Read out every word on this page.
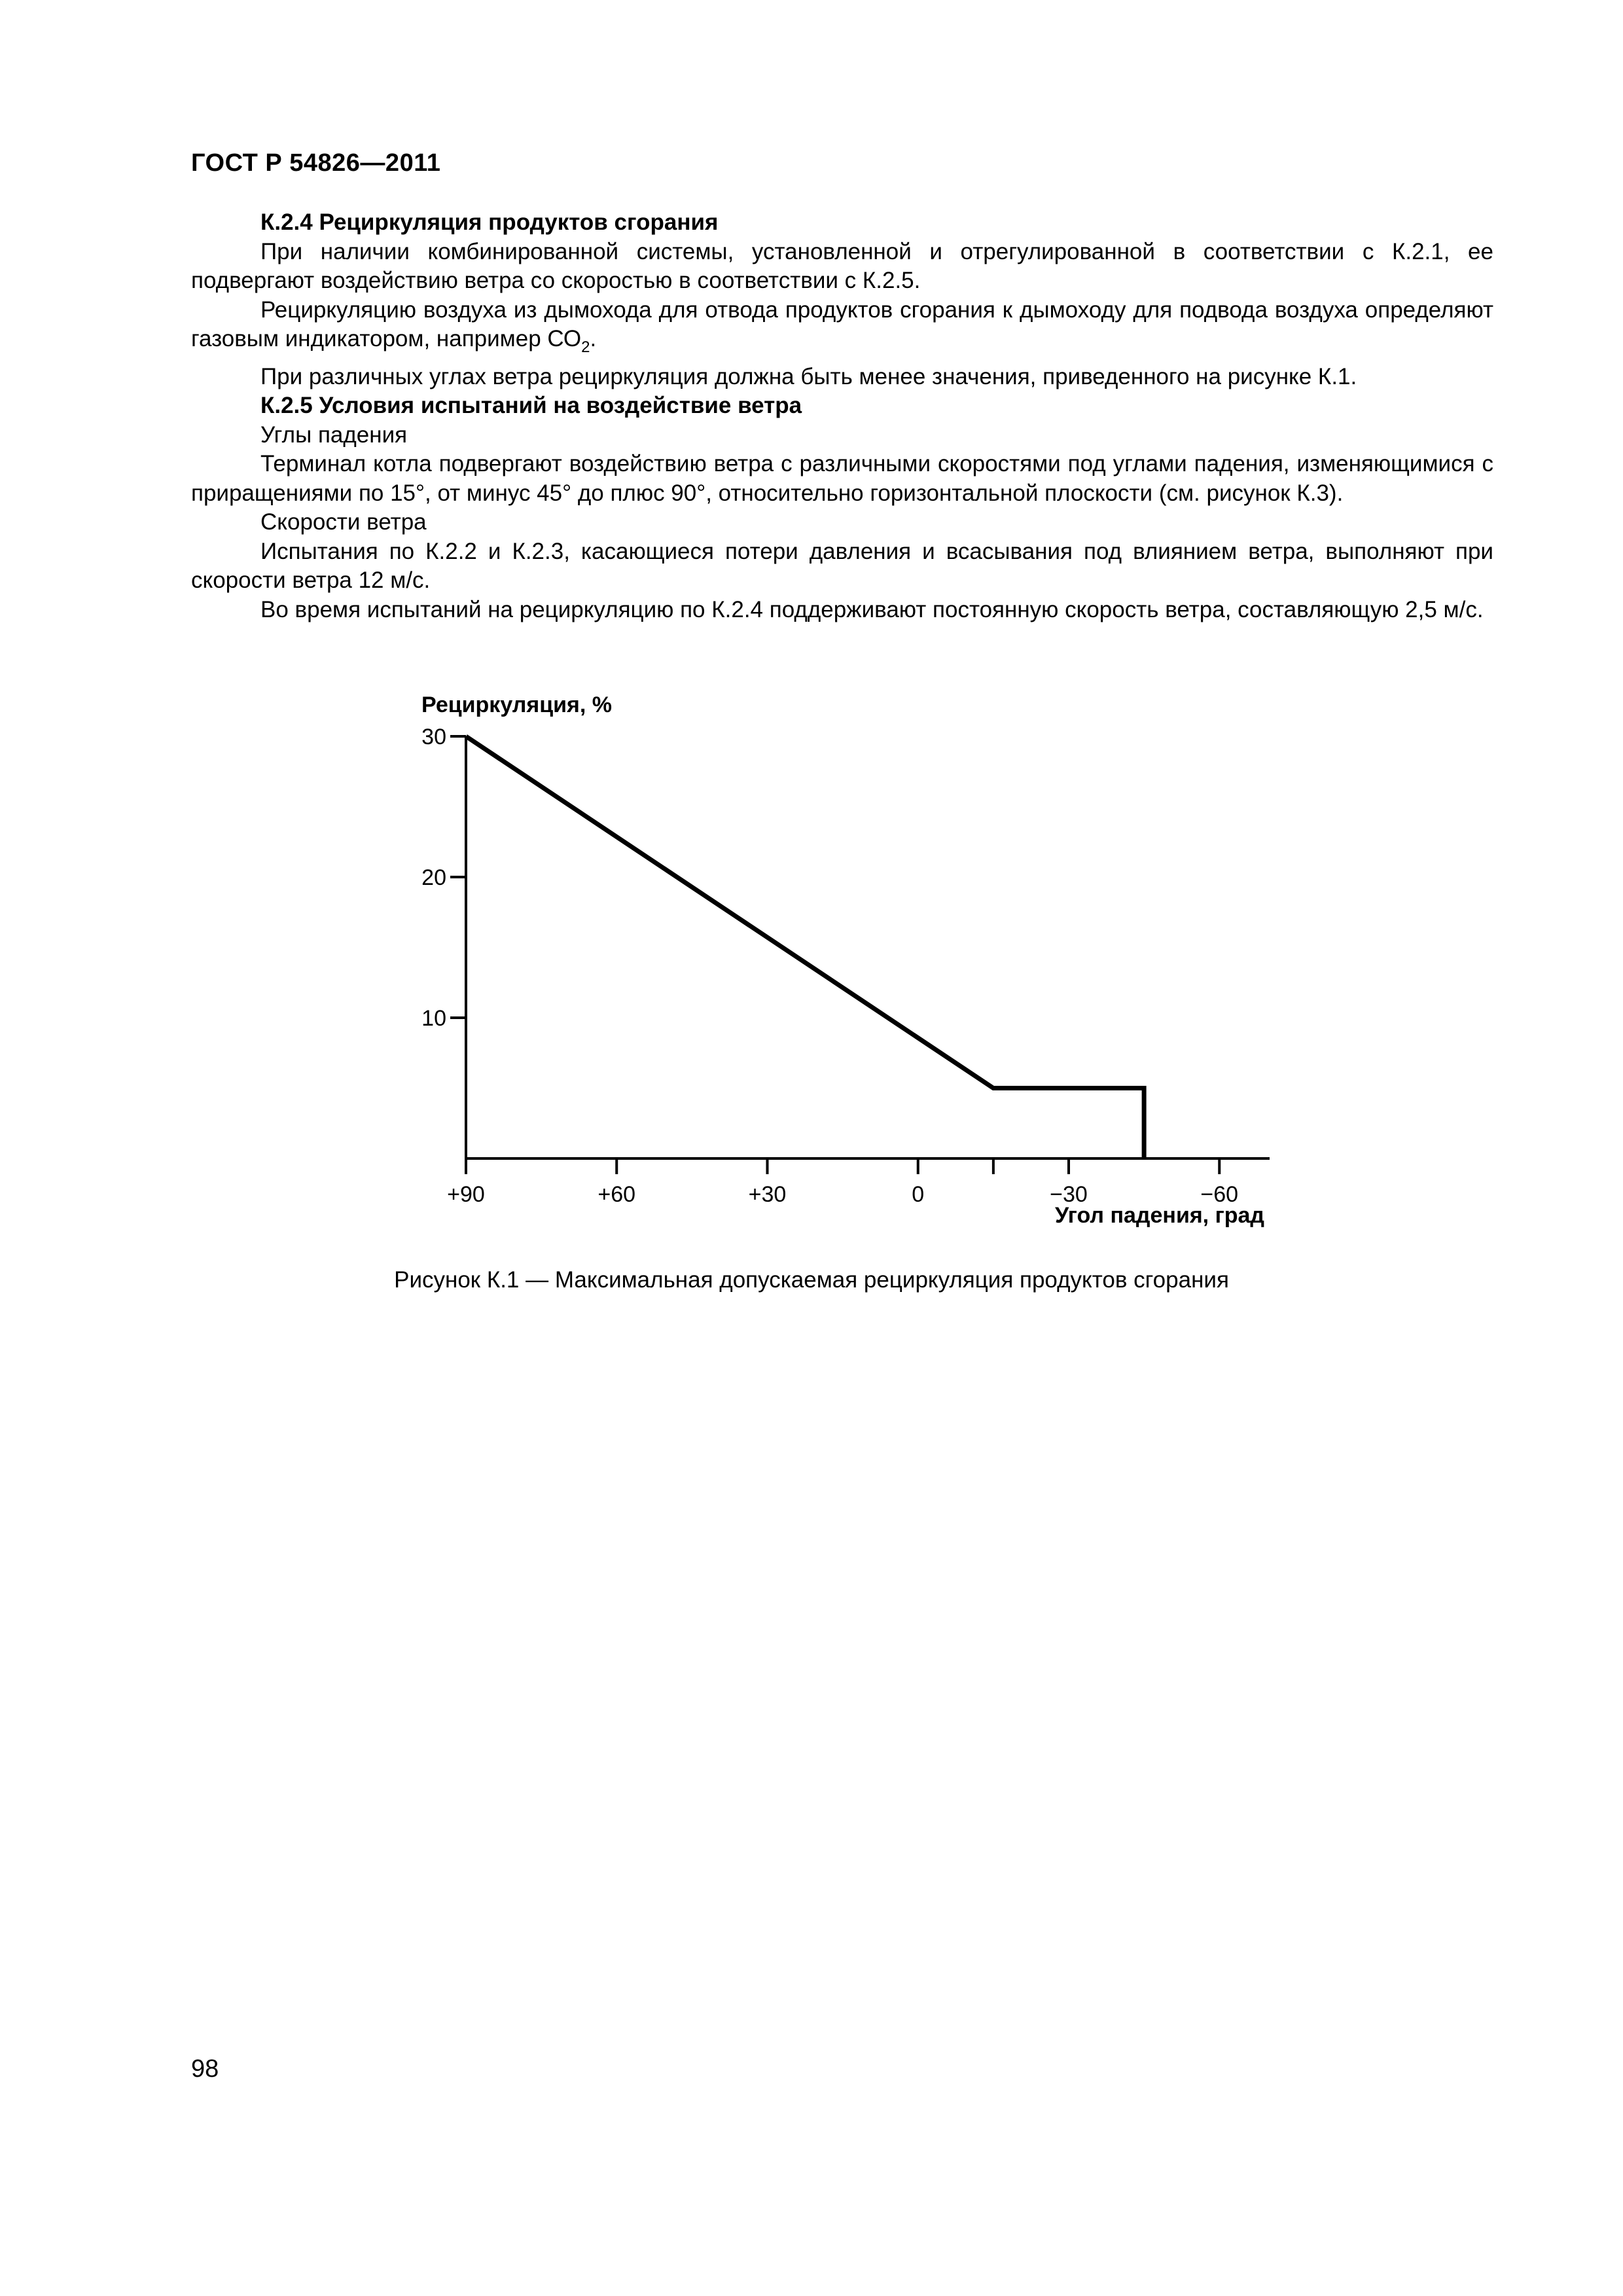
ГОСТ Р 54826—2011

К.2.4 Рециркуляция продуктов сгорания

При наличии комбинированной системы, установленной и отрегулированной в соответствии с К.2.1, ее подвергают воздействию ветра со скоростью в соответствии с К.2.5.

Рециркуляцию воздуха из дымохода для отвода продуктов сгорания к дымоходу для подвода воздуха определяют газовым индикатором, например $СО_2$.

При различных углах ветра рециркуляция должна быть менее значения, приведенного на рисунке К.1.

К.2.5 Условия испытаний на воздействие ветра

Углы падения

Терминал котла подвергают воздействию ветра с различными скоростями под углами падения, изменяющимися с приращениями по 15°, от минус 45° до плюс 90°, относительно горизонтальной плоскости (см. рисунок К.3).

Скорости ветра

Испытания по К.2.2 и К.2.3, касающиеся потери давления и всасывания под влиянием ветра, выполняют при скорости ветра 12 м/с.

Во время испытаний на рециркуляцию по К.2.4 поддерживают постоянную скорость ветра, составляющую 2,5 м/с.

10
20
30
+90	+60	+30	0	−30	−60
Рециркуляция, %
Угол падения, град
Рисунок К.1 — Максимальная допускаемая рециркуляция продуктов сгорания
98
